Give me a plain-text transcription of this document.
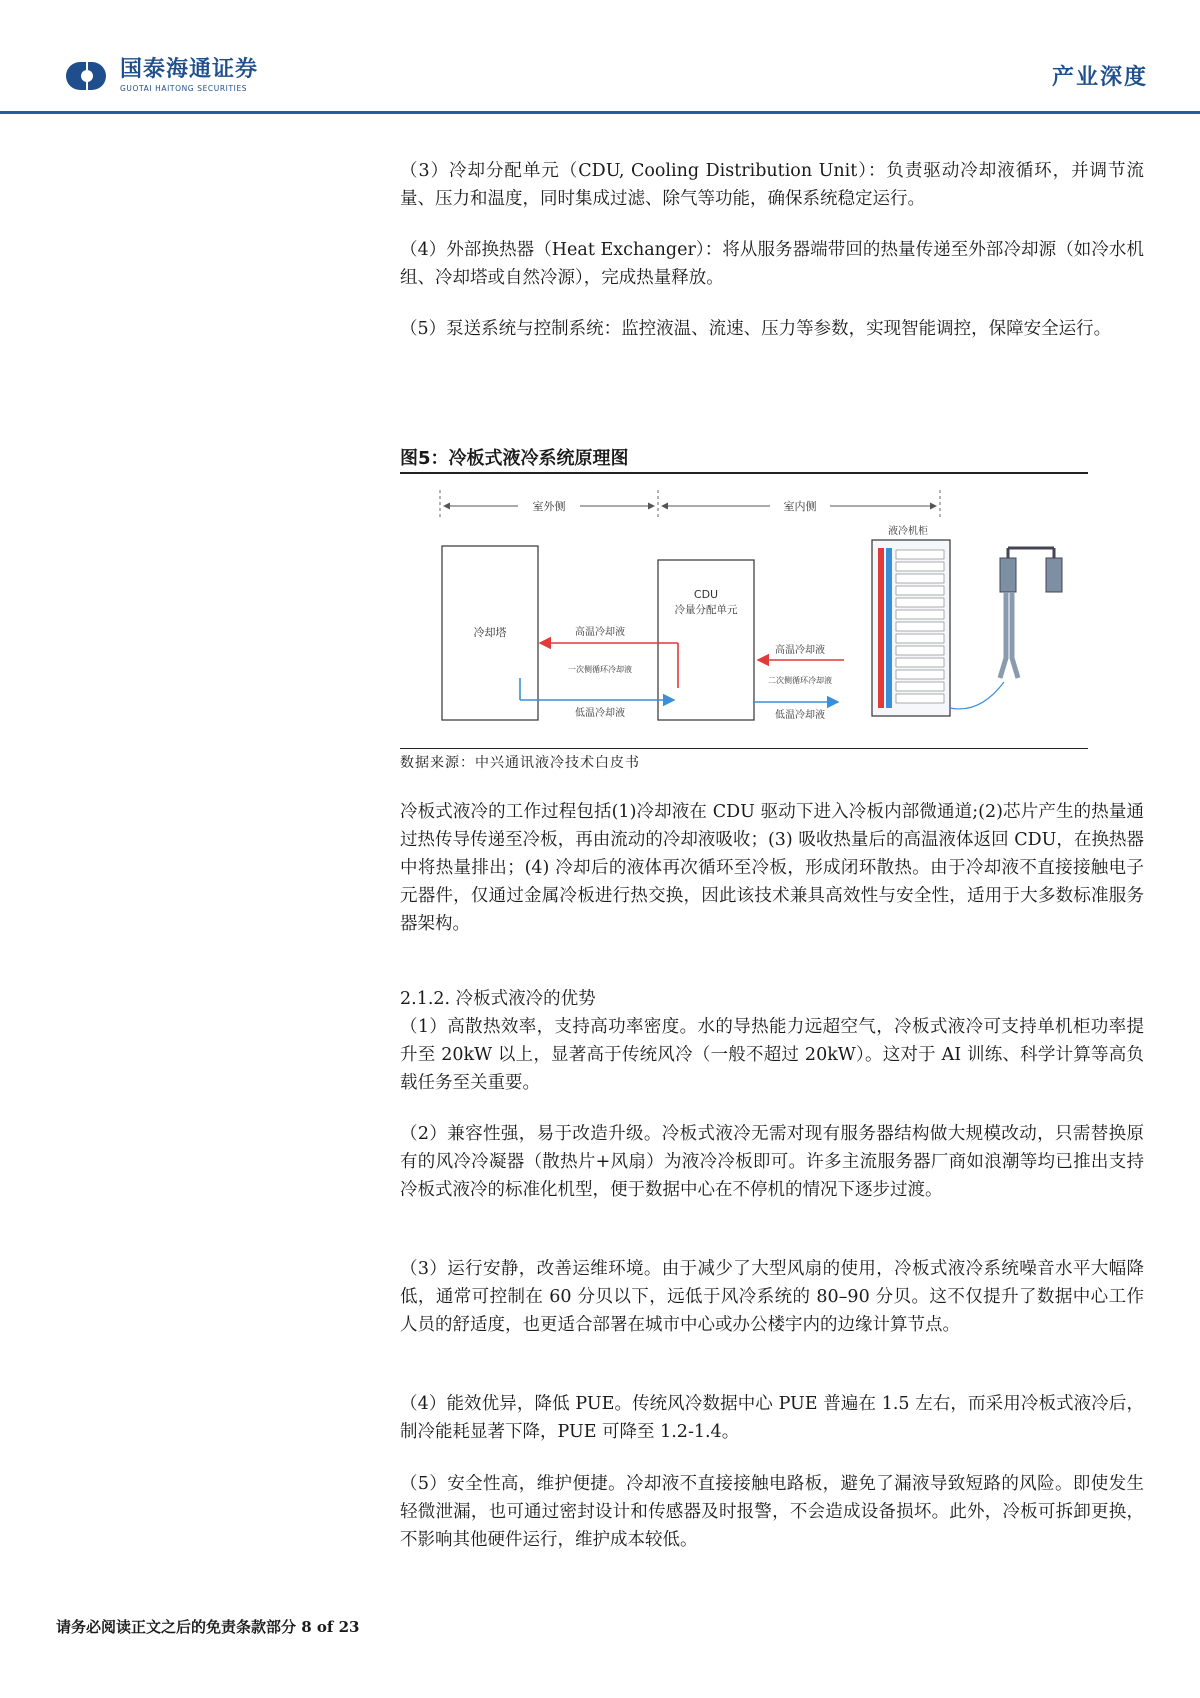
国泰海通证券
GUOTAI HAITONG SECURITIES	产业深度

（3）冷却分配单元（CDU, Cooling Distribution Unit）：负责驱动冷却液循环，并调节流量、压力和温度，同时集成过滤、除气等功能，确保系统稳定运行。

（4）外部换热器（Heat Exchanger）：将从服务器端带回的热量传递至外部冷却源（如冷水机组、冷却塔或自然冷源），完成热量释放。

（5）泵送系统与控制系统：监控液温、流速、压力等参数，实现智能调控，保障安全运行。

图5：冷板式液冷系统原理图
室外侧	室内侧
冷却塔
CDU
冷量分配单元
高温冷却液
一次侧循环冷却液
低温冷却液
高温冷却液
二次侧循环冷却液
低温冷却液
液冷机柜
数据来源：中兴通讯液冷技术白皮书

冷板式液冷的工作过程包括(1)冷却液在 CDU 驱动下进入冷板内部微通道;(2)芯片产生的热量通过热传导传递至冷板，再由流动的冷却液吸收；(3) 吸收热量后的高温液体返回 CDU，在换热器中将热量排出；(4) 冷却后的液体再次循环至冷板，形成闭环散热。由于冷却液不直接接触电子元器件，仅通过金属冷板进行热交换，因此该技术兼具高效性与安全性，适用于大多数标准服务器架构。

2.1.2. 冷板式液冷的优势

（1）高散热效率，支持高功率密度。水的导热能力远超空气，冷板式液冷可支持单机柜功率提升至 20kW 以上，显著高于传统风冷（一般不超过 20kW）。这对于 AI 训练、科学计算等高负载任务至关重要。

（2）兼容性强，易于改造升级。冷板式液冷无需对现有服务器结构做大规模改动，只需替换原有的风冷冷凝器（散热片+风扇）为液冷冷板即可。许多主流服务器厂商如浪潮等均已推出支持冷板式液冷的标准化机型，便于数据中心在不停机的情况下逐步过渡。

（3）运行安静，改善运维环境。由于减少了大型风扇的使用，冷板式液冷系统噪音水平大幅降低，通常可控制在 60 分贝以下，远低于风冷系统的 80–90 分贝。这不仅提升了数据中心工作人员的舒适度，也更适合部署在城市中心或办公楼宇内的边缘计算节点。

（4）能效优异，降低 PUE。传统风冷数据中心 PUE 普遍在 1.5 左右，而采用冷板式液冷后，制冷能耗显著下降，PUE 可降至 1.2-1.4。

（5）安全性高，维护便捷。冷却液不直接接触电路板，避免了漏液导致短路的风险。即使发生轻微泄漏，也可通过密封设计和传感器及时报警，不会造成设备损坏。此外，冷板可拆卸更换，不影响其他硬件运行，维护成本较低。

请务必阅读正文之后的免责条款部分 8 of 23
